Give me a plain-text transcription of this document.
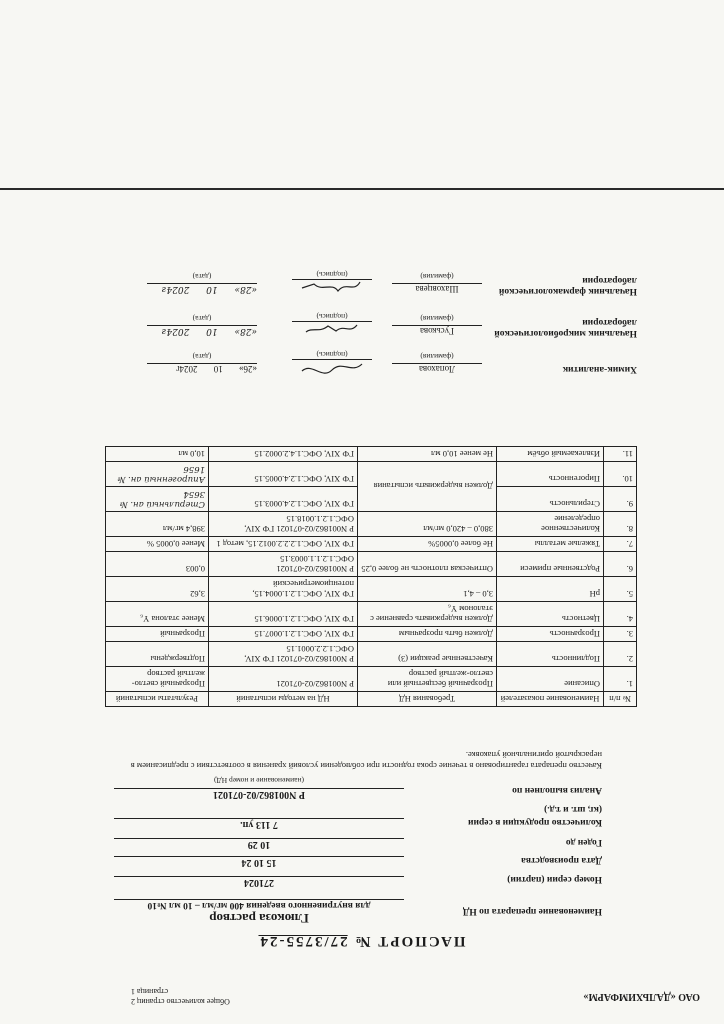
ОАО «ДАЛЬХИМФАРМ»
Общее количество страниц 2
страница 1
ПАСПОРТ № 27/3755-24
Наименование препарата по НД
Глюкоза раствор
для внутривенного введения 400 мг/мл – 10 мл №10
Номер серии (партии)
271024
Дата производства
15 10 24
Годен до
10 29
Количество продукции в серии
7 113 уп.
(кг, шт. и т.д.)
Анализ выполнен по
Р N001862/02-071021
(наименование и номер НД)
Качество препарата гарантировано в течение срока годности при соблюдении условий хранения в соответствии с предписанием в нераскрытой оригинальной упаковке.
№ п/п	Наименование показателей	Требования НД	НД на методы испытаний	Результаты испытаний
1.	Описание	Прозрачный бесцветный или светло-желтый раствор	Р N001862/02-071021	Прозрачный светло-желтый раствор
2.	Подлинность	Качественные реакции (3)	Р N001862/02-071021 ГФ XIV, ОФС.1.2.2.0001.15	Подтверждены
3.	Прозрачность	Должен быть прозрачным	ГФ XIV, ОФС.1.2.1.0007.15	Прозрачный
4.	Цветность	Должен выдерживать сравнение с эталоном Y₆	ГФ XIV, ОФС.1.2.1.0006.15	Менее эталона Y₆
5.	pH	3,0 – 4,1	ГФ XIV, ОФС.1.2.1.0004.15, потенциометрический	3,62
6.	Родственные примеси	Оптическая плотность не более 0,25	Р N001862/02-071021 ОФС.1.2.1.1.0003.15	0,003
7.	Тяжелые металлы	Не более 0,0005%	ГФ XIV, ОФС.1.2.2.2.0012.15, метод 1	Менее 0,0005 %
8.	Количественное определение	380,0 – 420,0 мг/мл	Р N001862/02-071021 ГФ XIV, ОФС.1.2.1.0018.15	398,4 мг/мл
9.	Стерильность	Должен выдерживать испытания	ГФ XIV, ОФС.1.2.4.0003.15	Стерильный ан. № 3654
10.	Пирогенность		ГФ XIV, ОФС.1.2.4.0005.15	Апирогенный ан. № 1656
11.	Извлекаемый объём	Не менее 10,0 мл	ГФ XIV, ОФС.1.4.2.0002.15	10,0 мл
Химик-аналитик
Лопахова
(фамилия)
(подпись)
«26» 10 2024г
(дата)
Начальник микробиологической лаборатории
Гуськова
(фамилия)
(подпись)
«28» 10 2024г
(дата)
Начальник фармакологической лаборатории
Шаховцева
(фамилия)
(подпись)
«28» 10 2024г
(дата)
